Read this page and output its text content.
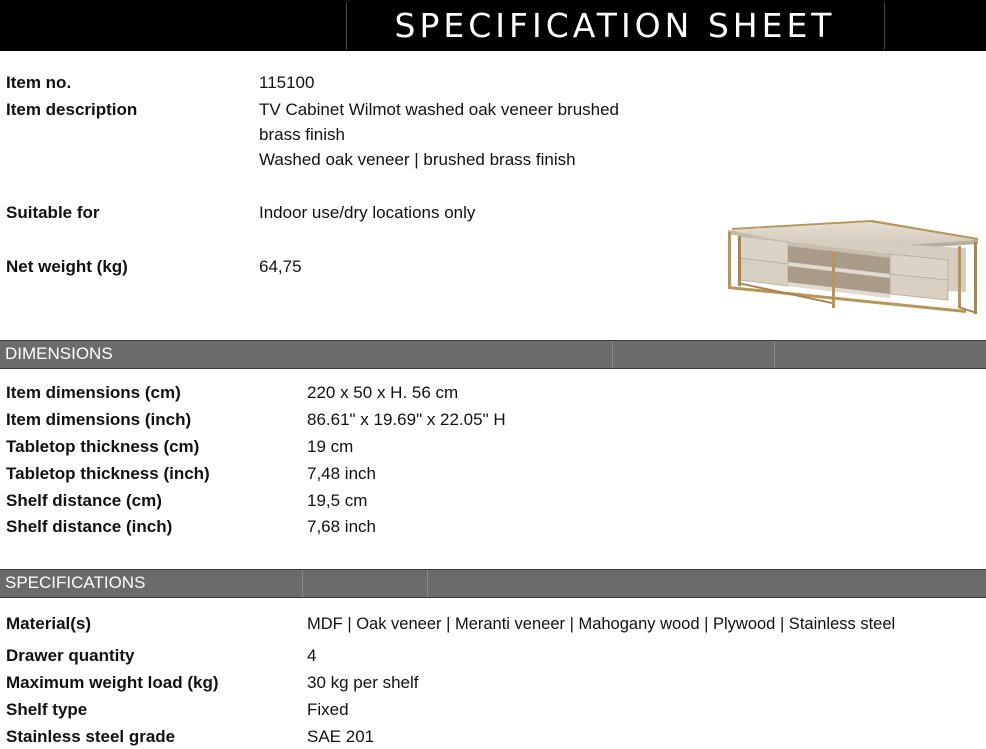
SPECIFICATION SHEET
Item no.	115100
Item description	TV Cabinet Wilmot washed oak veneer brushed
brass finish
Washed oak veneer | brushed brass finish
Suitable for	Indoor use/dry locations only
Net weight (kg)	64,75
DIMENSIONS
Item dimensions (cm)	220 x 50 x H. 56 cm
Item dimensions (inch)	86.61" x 19.69" x 22.05" H
Tabletop thickness (cm)	19 cm
Tabletop thickness (inch)	7,48 inch
Shelf distance (cm)	19,5 cm
Shelf distance (inch)	7,68 inch
SPECIFICATIONS
Material(s)	MDF | Oak veneer | Meranti veneer | Mahogany wood | Plywood | Stainless steel
Drawer quantity	4
Maximum weight load (kg)	30 kg per shelf
Shelf type	Fixed
Stainless steel grade	SAE 201
